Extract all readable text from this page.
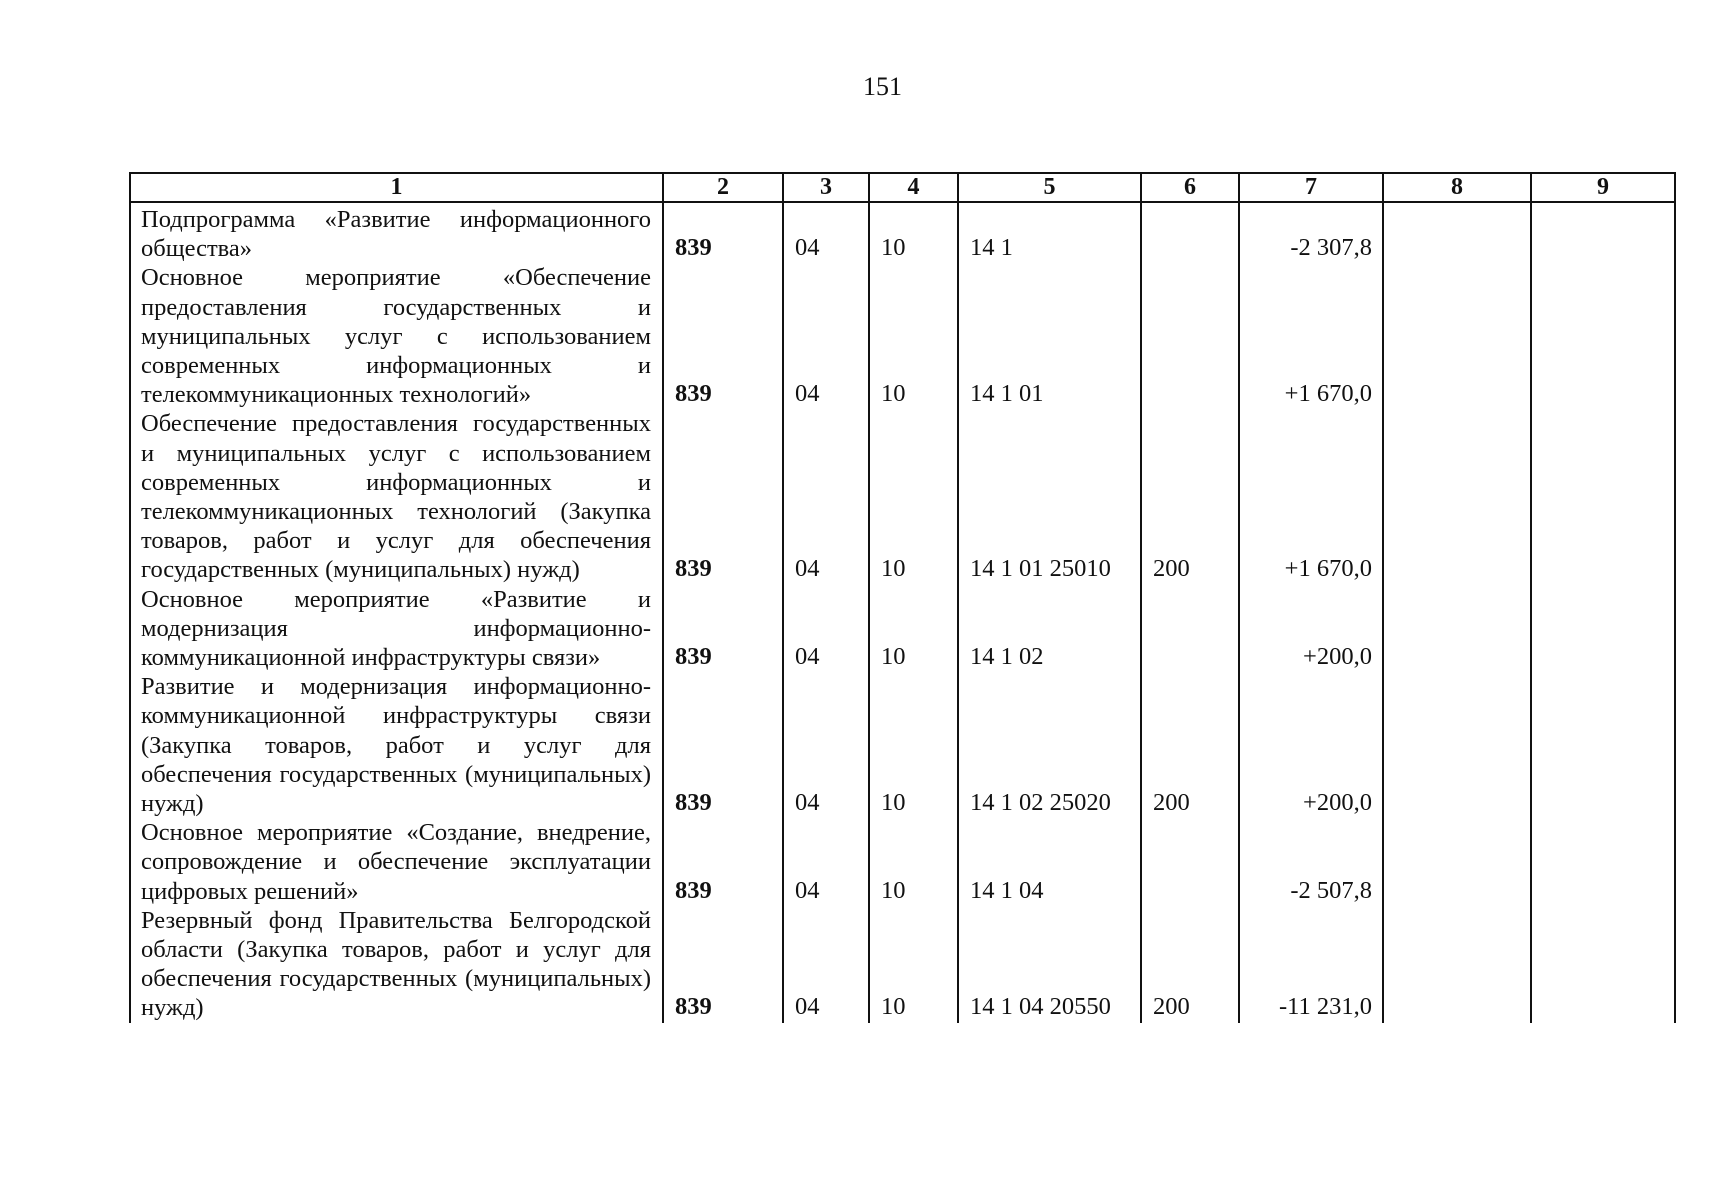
151
1	2	3	4	5	6	7	8	9
Подпрограмма «Развитие информационного общества»	839	04	10	14 1		-2 307,8		
Основное мероприятие «Обеспечение предоставления государственных и муниципальных услуг с использованием современных информационных и телекоммуникационных технологий»	839	04	10	14 1 01		+1 670,0		
Обеспечение предоставления государственных и муниципальных услуг с использованием современных информационных и телекоммуникационных технологий (Закупка товаров, работ и услуг для обеспечения государственных (муниципальных) нужд)	839	04	10	14 1 01 25010	200	+1 670,0		
Основное мероприятие «Развитие и модернизация информационно-коммуникационной инфраструктуры связи»	839	04	10	14 1 02		+200,0		
Развитие и модернизация информационно-коммуникационной инфраструктуры связи (Закупка товаров, работ и услуг для обеспечения государственных (муниципальных) нужд)	839	04	10	14 1 02 25020	200	+200,0		
Основное мероприятие «Создание, внедрение, сопровождение и обеспечение эксплуатации цифровых решений»	839	04	10	14 1 04		-2 507,8		
Резервный фонд Правительства Белгородской области (Закупка товаров, работ и услуг для обеспечения государственных (муниципальных) нужд)	839	04	10	14 1 04 20550	200	-11 231,0		
